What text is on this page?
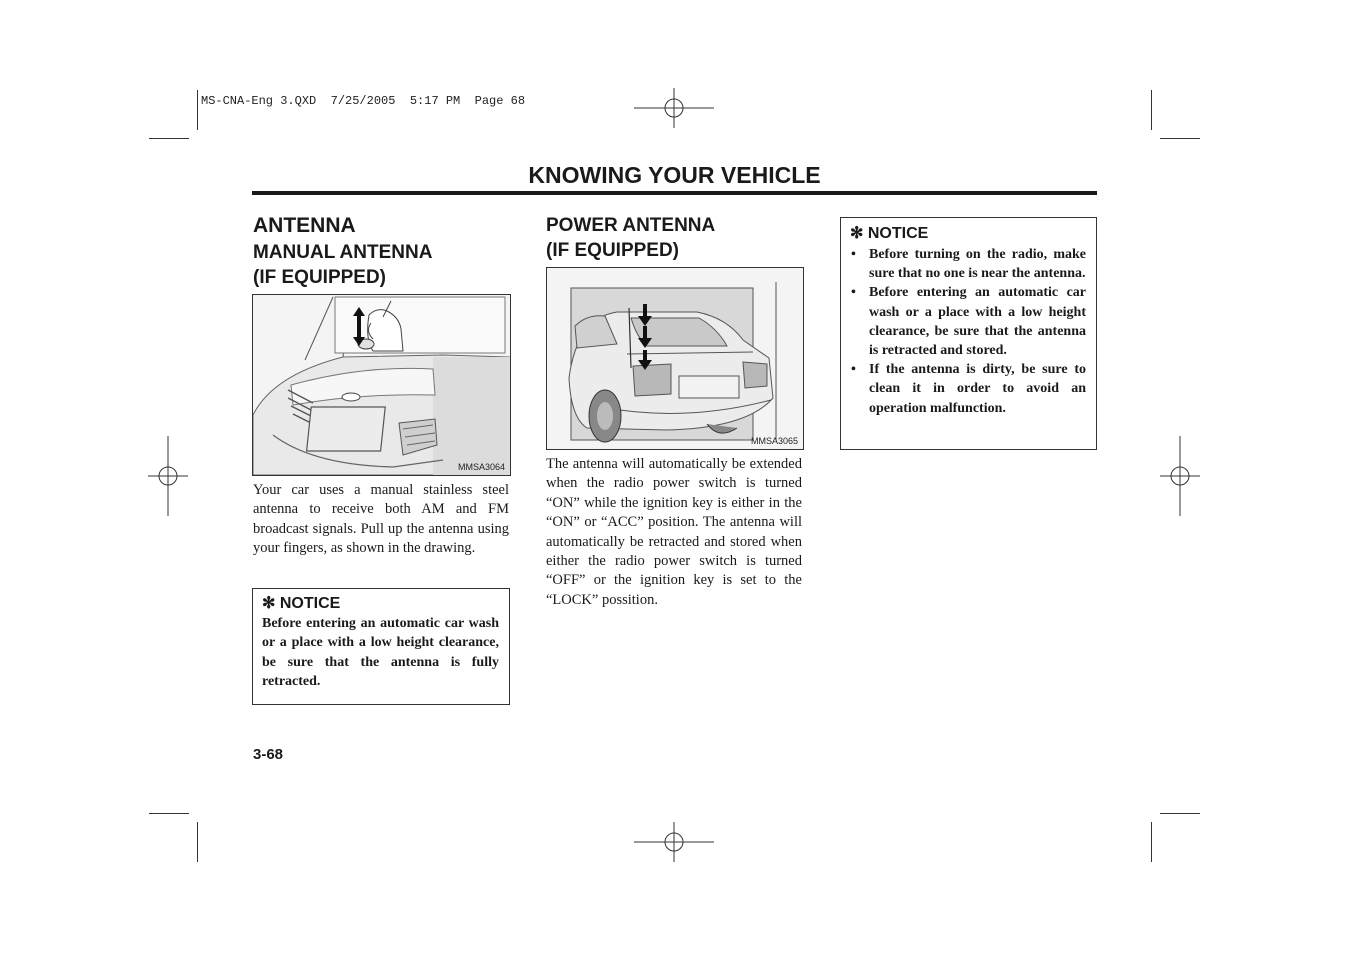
MS-CNA-Eng 3.QXD  7/25/2005  5:17 PM  Page 68
KNOWING YOUR VEHICLE
ANTENNA
MANUAL ANTENNA
(IF EQUIPPED)
MMSA3064
Your car uses a manual stainless steel antenna to receive both AM and FM broadcast signals. Pull up the antenna using your fingers, as shown in the drawing.
✻ NOTICE
Before entering an automatic car wash or a place with a low height clearance, be sure that the antenna is fully retracted.
POWER ANTENNA
(IF EQUIPPED)
MMSA3065
The antenna will automatically be extended when the radio power switch is turned “ON” while the ignition key is either in the “ON” or “ACC” position. The antenna will automatically be retracted and stored when either the radio power switch is turned “OFF” or the ignition key is set to the “LOCK” possition.
✻ NOTICE
• Before turning on the radio, make sure that no one is near the antenna.
• Before entering an automatic car wash or a place with a low height clearance, be sure that the antenna is retracted and stored.
• If the antenna is dirty, be sure to clean it in order to avoid an operation malfunction.
3-68
